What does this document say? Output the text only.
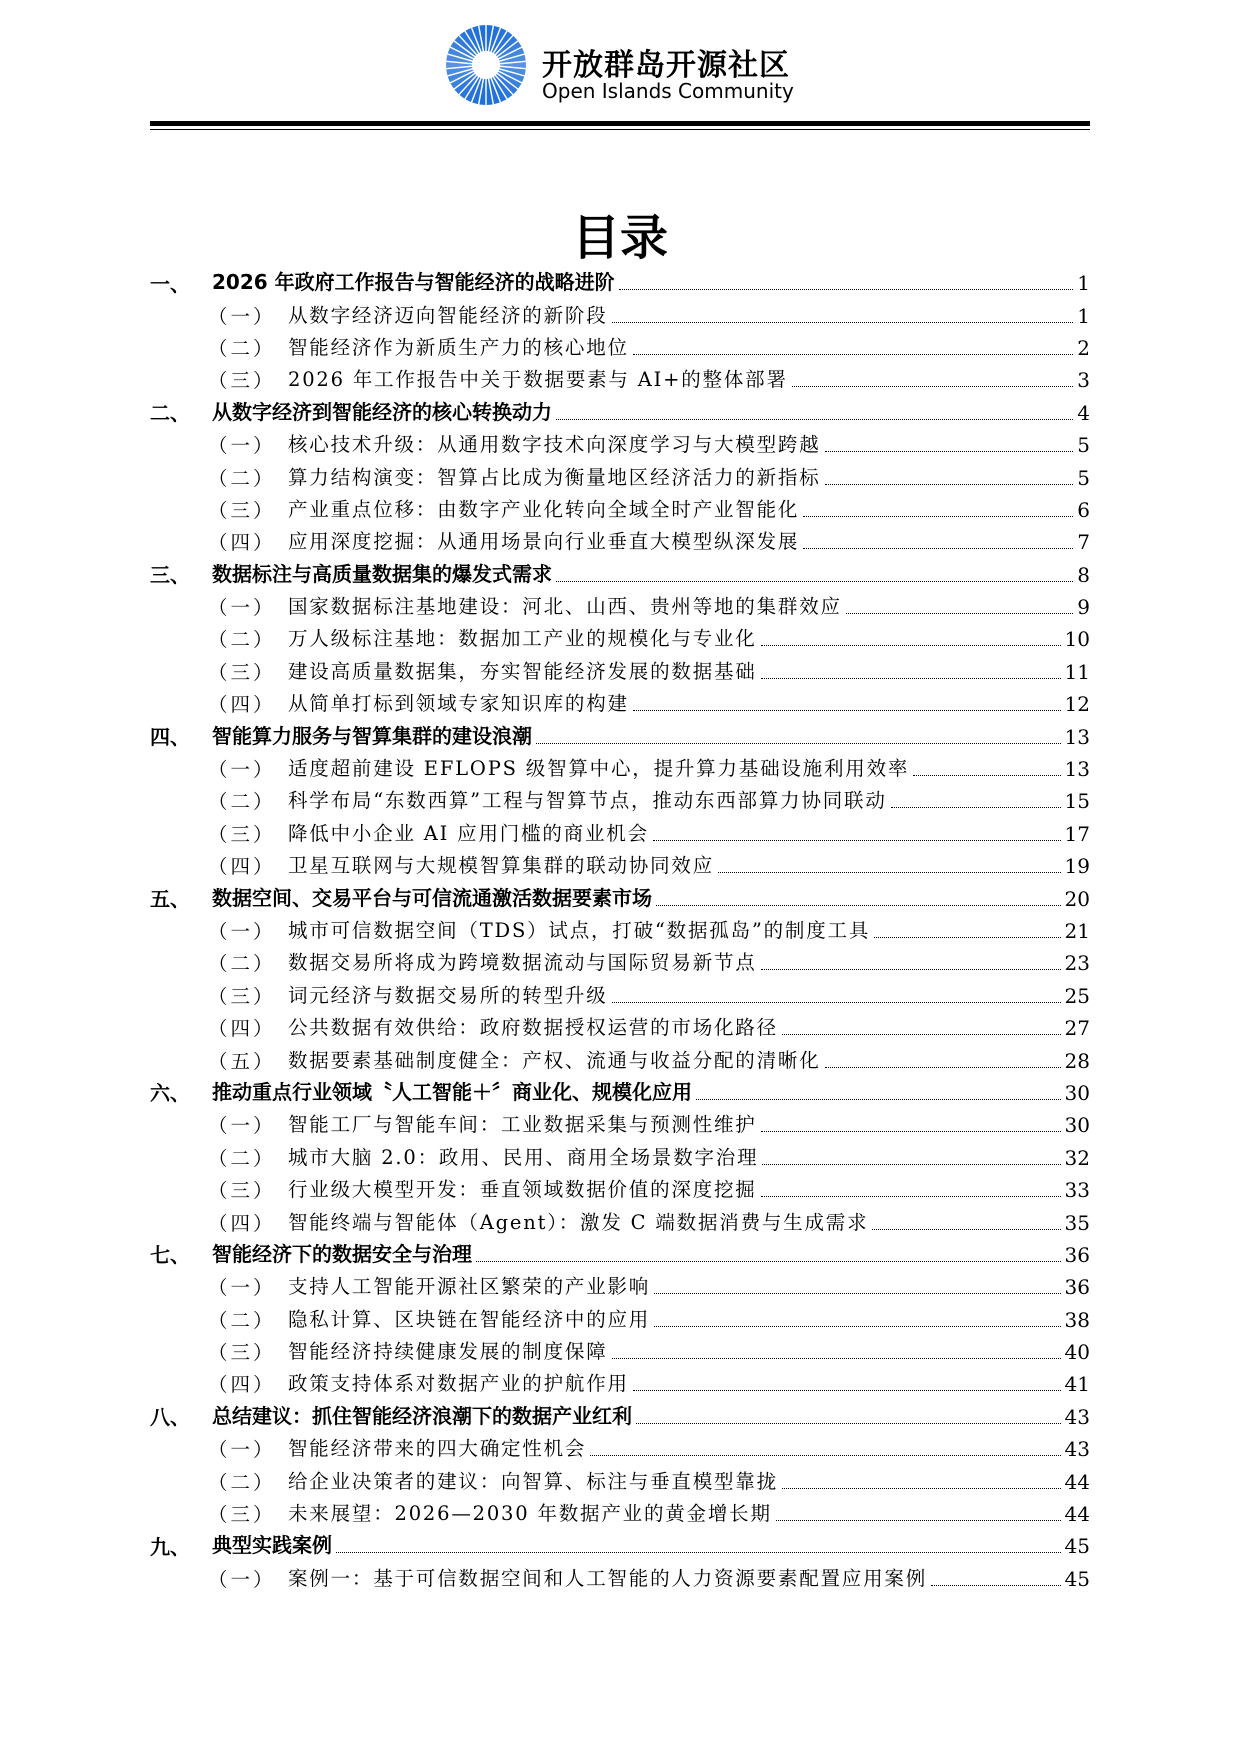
开放群岛开源社区
Open Islands Community
目录
一、	2026 年政府工作报告与智能经济的战略进阶	1
（一） 从数字经济迈向智能经济的新阶段	1
（二） 智能经济作为新质生产力的核心地位	2
（三） 2026 年工作报告中关于数据要素与 AI+的整体部署	3
二、	从数字经济到智能经济的核心转换动力	4
（一） 核心技术升级：从通用数字技术向深度学习与大模型跨越	5
（二） 算力结构演变：智算占比成为衡量地区经济活力的新指标	5
（三） 产业重点位移：由数字产业化转向全域全时产业智能化	6
（四） 应用深度挖掘：从通用场景向行业垂直大模型纵深发展	7
三、	数据标注与高质量数据集的爆发式需求	8
（一） 国家数据标注基地建设：河北、山西、贵州等地的集群效应	9
（二） 万人级标注基地：数据加工产业的规模化与专业化	10
（三） 建设高质量数据集，夯实智能经济发展的数据基础	11
（四） 从简单打标到领域专家知识库的构建	12
四、	智能算力服务与智算集群的建设浪潮	13
（一） 适度超前建设 EFLOPS 级智算中心，提升算力基础设施利用效率	13
（二） 科学布局“东数西算”工程与智算节点，推动东西部算力协同联动	15
（三） 降低中小企业 AI 应用门槛的商业机会	17
（四） 卫星互联网与大规模智算集群的联动协同效应	19
五、	数据空间、交易平台与可信流通激活数据要素市场	20
（一） 城市可信数据空间（TDS）试点，打破“数据孤岛”的制度工具	21
（二） 数据交易所将成为跨境数据流动与国际贸易新节点	23
（三） 词元经济与数据交易所的转型升级	25
（四） 公共数据有效供给：政府数据授权运营的市场化路径	27
（五） 数据要素基础制度健全：产权、流通与收益分配的清晰化	28
六、	推动重点行业领域〝人工智能＋〞商业化、规模化应用	30
（一） 智能工厂与智能车间：工业数据采集与预测性维护	30
（二） 城市大脑 2.0：政用、民用、商用全场景数字治理	32
（三） 行业级大模型开发：垂直领域数据价值的深度挖掘	33
（四） 智能终端与智能体（Agent）：激发 C 端数据消费与生成需求	35
七、	智能经济下的数据安全与治理	36
（一） 支持人工智能开源社区繁荣的产业影响	36
（二） 隐私计算、区块链在智能经济中的应用	38
（三） 智能经济持续健康发展的制度保障	40
（四） 政策支持体系对数据产业的护航作用	41
八、	总结建议：抓住智能经济浪潮下的数据产业红利	43
（一） 智能经济带来的四大确定性机会	43
（二） 给企业决策者的建议：向智算、标注与垂直模型靠拢	44
（三） 未来展望：2026—2030 年数据产业的黄金增长期	44
九、	典型实践案例	45
（一） 案例一：基于可信数据空间和人工智能的人力资源要素配置应用案例	45
